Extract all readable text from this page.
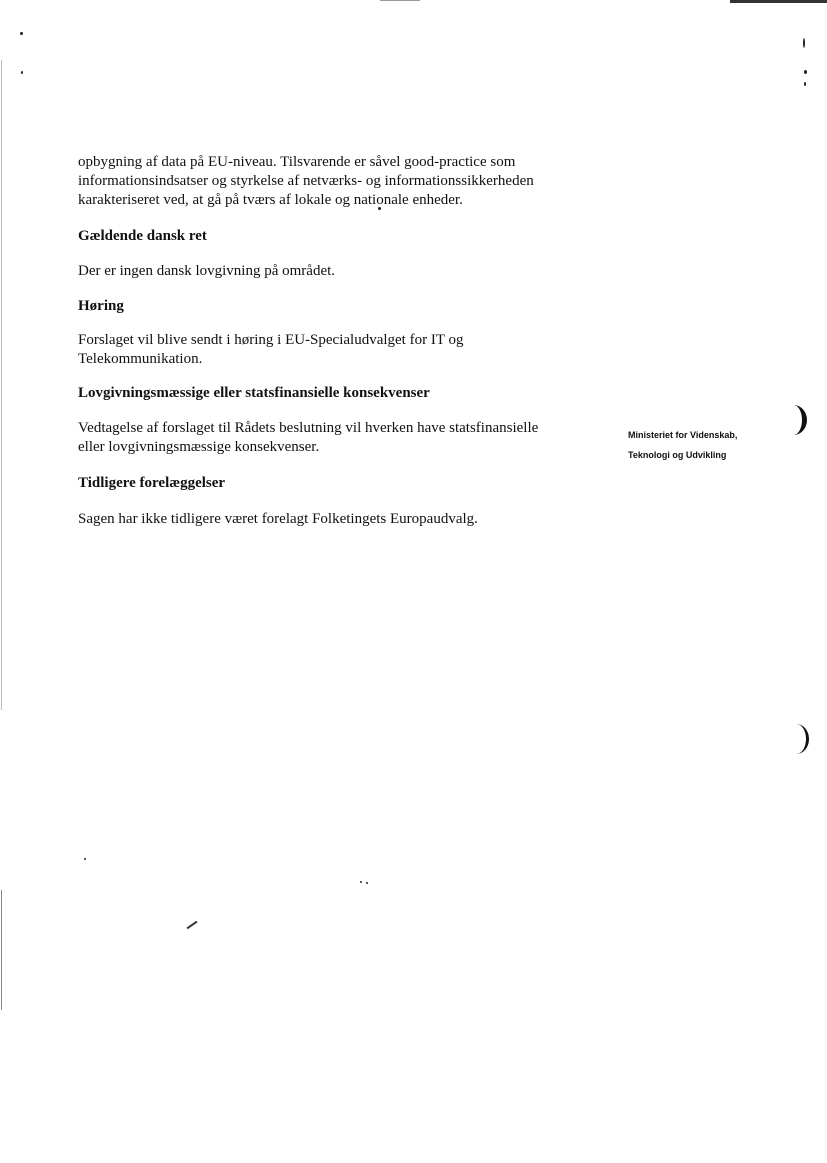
opbygning af data på EU-niveau. Tilsvarende er såvel good-practice som

informationsindsatser og styrkelse af netværks- og informationssikkerheden

karakteriseret ved, at gå på tværs af lokale og nationale enheder.

Gældende dansk ret

Der er ingen dansk lovgivning på området.

Høring

Forslaget vil blive sendt i høring i EU-Specialudvalget for IT og

Telekommunikation.

Lovgivningsmæssige eller statsfinansielle konsekvenser

Vedtagelse af forslaget til Rådets beslutning vil hverken have statsfinansielle

eller lovgivningsmæssige konsekvenser.

Tidligere forelæggelser

Sagen har ikke tidligere været forelagt Folketingets Europaudvalg.

Ministeriet for Videnskab,
Teknologi og Udvikling
